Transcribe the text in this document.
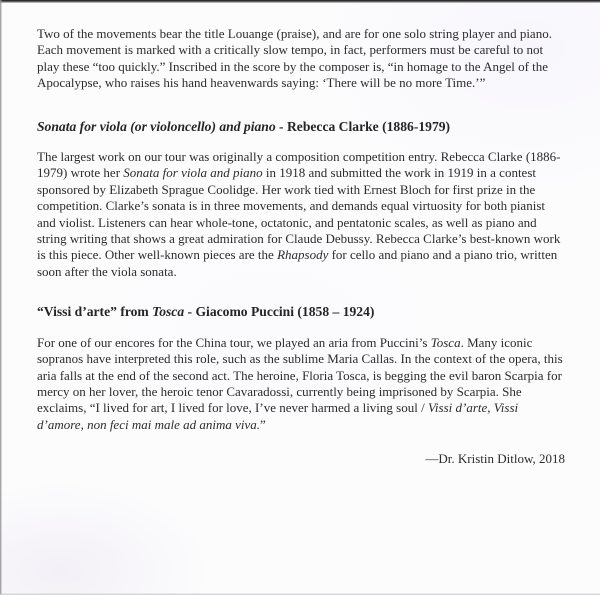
Two of the movements bear the title Louange (praise), and are for one solo string player and piano. Each movement is marked with a critically slow tempo, in fact, performers must be careful to not play these “too quickly.” Inscribed in the score by the composer is, “in homage to the Angel of the Apocalypse, who raises his hand heavenwards saying: ‘There will be no more Time.’”

Sonata for viola (or violoncello) and piano - Rebecca Clarke (1886-1979)

The largest work on our tour was originally a composition competition entry. Rebecca Clarke (1886-1979) wrote her Sonata for viola and piano in 1918 and submitted the work in 1919 in a contest sponsored by Elizabeth Sprague Coolidge. Her work tied with Ernest Bloch for first prize in the competition. Clarke’s sonata is in three movements, and demands equal virtuosity for both pianist and violist. Listeners can hear whole-tone, octatonic, and pentatonic scales, as well as piano and string writing that shows a great admiration for Claude Debussy. Rebecca Clarke’s best-known work is this piece. Other well-known pieces are the Rhapsody for cello and piano and a piano trio, written soon after the viola sonata.

“Vissi d’arte” from Tosca - Giacomo Puccini (1858 – 1924)

For one of our encores for the China tour, we played an aria from Puccini’s Tosca. Many iconic sopranos have interpreted this role, such as the sublime Maria Callas. In the context of the opera, this aria falls at the end of the second act. The heroine, Floria Tosca, is begging the evil baron Scarpia for mercy on her lover, the heroic tenor Cavaradossi, currently being imprisoned by Scarpia. She exclaims, “I lived for art, I lived for love, I’ve never harmed a living soul / Vissi d’arte, Vissi d’amore, non feci mai male ad anima viva.”

—Dr. Kristin Ditlow, 2018
